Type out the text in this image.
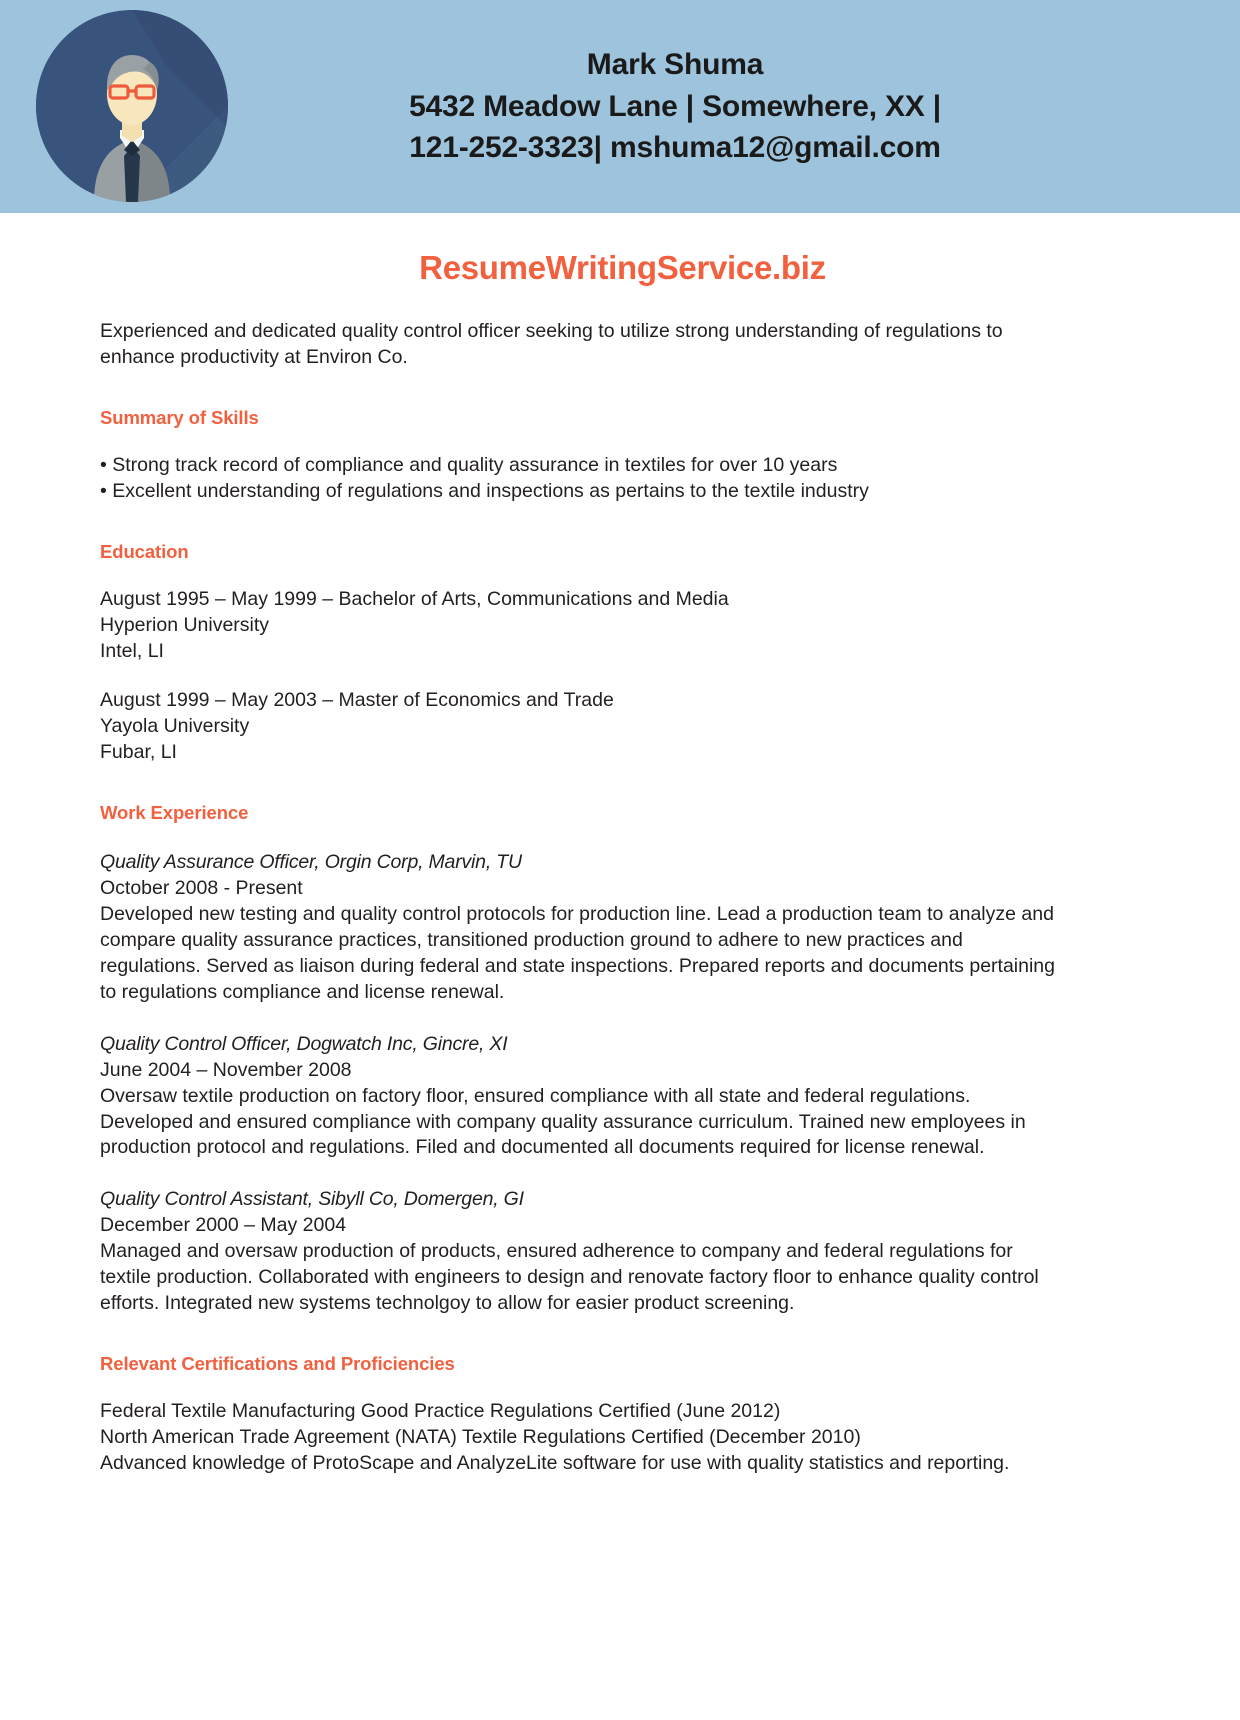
Mark Shuma
5432 Meadow Lane | Somewhere, XX |
121-252-3323| mshuma12@gmail.com
ResumeWritingService.biz
Experienced and dedicated quality control officer seeking to utilize strong understanding of regulations to enhance productivity at Environ Co.
Summary of Skills
• Strong track record of compliance and quality assurance in textiles for over 10 years
• Excellent understanding of regulations and inspections as pertains to the textile industry
Education
August 1995 – May 1999 – Bachelor of Arts, Communications and Media
Hyperion University
Intel, LI
August 1999 – May 2003 – Master of Economics and Trade
Yayola University
Fubar, LI
Work Experience
Quality Assurance Officer, Orgin Corp, Marvin, TU
October 2008 - Present
Developed new testing and quality control protocols for production line. Lead a production team to analyze and compare quality assurance practices, transitioned production ground to adhere to new practices and regulations. Served as liaison during federal and state inspections. Prepared reports and documents pertaining to regulations compliance and license renewal.
Quality Control Officer, Dogwatch Inc, Gincre, XI
June 2004 – November 2008
Oversaw textile production on factory floor, ensured compliance with all state and federal regulations. Developed and ensured compliance with company quality assurance curriculum. Trained new employees in production protocol and regulations. Filed and documented all documents required for license renewal.
Quality Control Assistant, Sibyll Co, Domergen, GI
December 2000 – May 2004
Managed and oversaw production of products, ensured adherence to company and federal regulations for textile production. Collaborated with engineers to design and renovate factory floor to enhance quality control efforts. Integrated new systems technolgoy to allow for easier product screening.
Relevant Certifications and Proficiencies
Federal Textile Manufacturing Good Practice Regulations Certified (June 2012)
North American Trade Agreement (NATA) Textile Regulations Certified (December 2010)
Advanced knowledge of ProtoScape and AnalyzeLite software for use with quality statistics and reporting.
